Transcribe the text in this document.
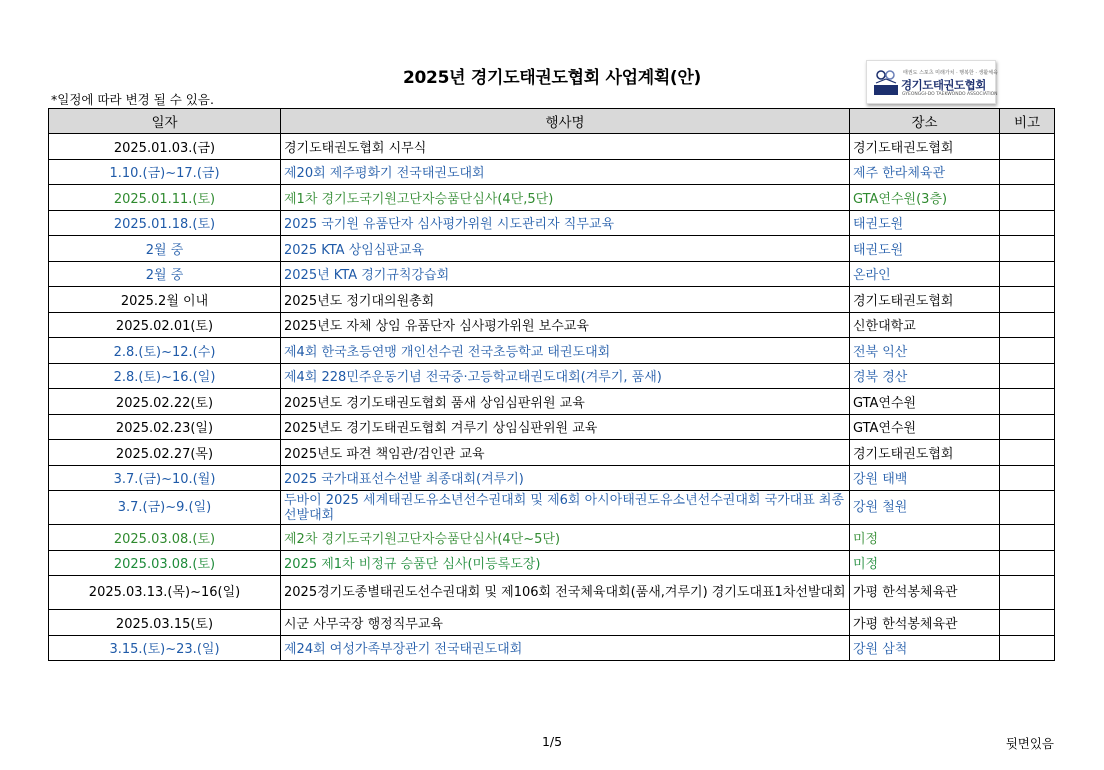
2025년 경기도태권도협회 사업계획(안)
*일정에 따라 변경 될 수 있음.
태권도 스포츠 미래가치 · 행복한 · 생활체육
경기도태권도협회
GYEONGGI-DO TAEKWONDO ASSOCIATION
일자	행사명	장소	비고
2025.01.03.(금)	경기도태권도협회 시무식	경기도태권도협회	
1.10.(금)~17.(금)	제20회 제주평화기 전국태권도대회	제주 한라체육관	
2025.01.11.(토)	제1차 경기도국기원고단자승품단심사(4단,5단)	GTA연수원(3층)	
2025.01.18.(토)	2025 국기원 유품단자 심사평가위원 시도관리자 직무교육	태권도원	
2월 중	2025 KTA 상임심판교육	태권도원	
2월 중	2025년 KTA 경기규칙강습회	온라인	
2025.2월 이내	2025년도 정기대의원총회	경기도태권도협회	
2025.02.01(토)	2025년도 자체 상임 유품단자 심사평가위원 보수교육	신한대학교	
2.8.(토)~12.(수)	제4회 한국초등연맹 개인선수권 전국초등학교 태권도대회	전북 익산	
2.8.(토)~16.(일)	제4회 228민주운동기념 전국중·고등학교태권도대회(겨루기, 품새)	경북 경산	
2025.02.22(토)	2025년도 경기도태권도협회 품새 상임심판위원 교육	GTA연수원	
2025.02.23(일)	2025년도 경기도태권도협회 겨루기 상임심판위원 교육	GTA연수원	
2025.02.27(목)	2025년도 파견 책임관/검인관 교육	경기도태권도협회	
3.7.(금)~10.(월)	2025 국가대표선수선발 최종대회(겨루기)	강원 태백	
3.7.(금)~9.(일)	두바이 2025 세계태권도유소년선수권대회 및 제6회 아시아태권도유소년선수권대회 국가대표 최종 선발대회	강원 철원	
2025.03.08.(토)	제2차 경기도국기원고단자승품단심사(4단~5단)	미정	
2025.03.08.(토)	2025 제1차 비정규 승품단 심사(미등록도장)	미정	
2025.03.13.(목)~16(일)	2025경기도종별태권도선수권대회 및 제106회 전국체육대회(품새,겨루기) 경기도대표1차선발대회	가평 한석봉체육관	
2025.03.15(토)	시군 사무국장 행정직무교육	가평 한석봉체육관	
3.15.(토)~23.(일)	제24회 여성가족부장관기 전국태권도대회	강원 삼척	
1/5	뒷면있음
